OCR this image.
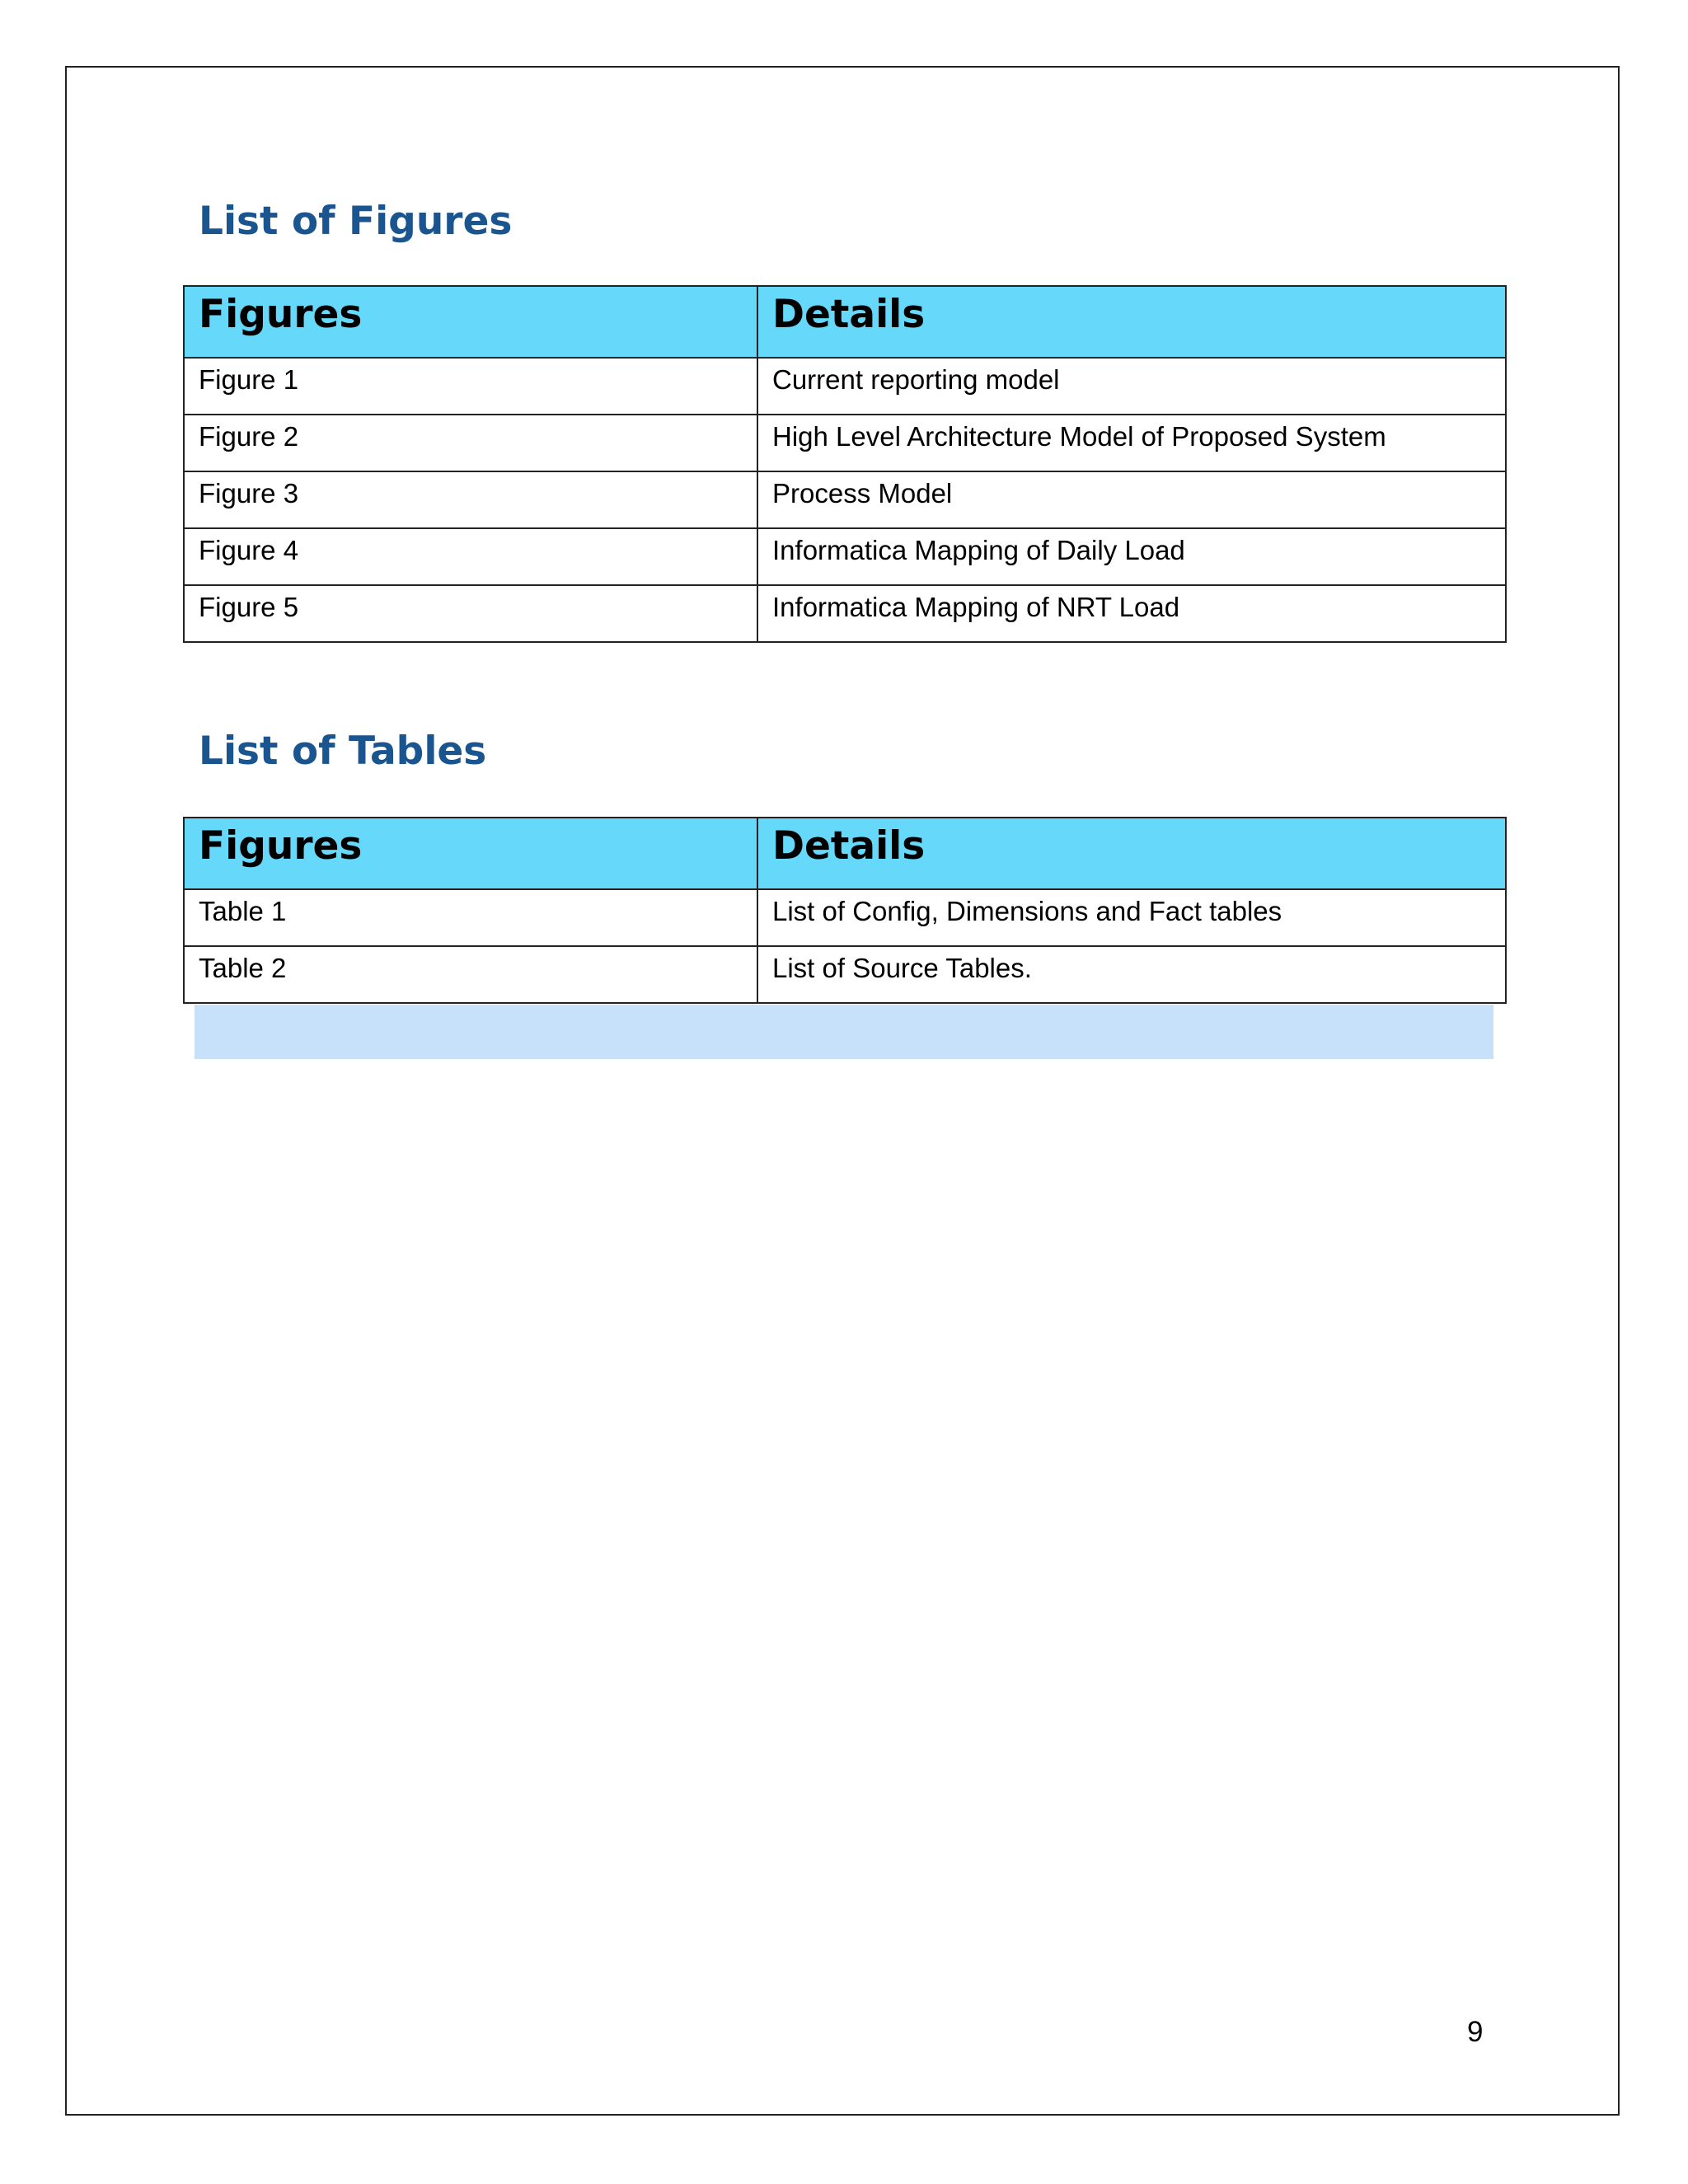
List of Figures
Figures	Details
Figure 1	Current reporting model
Figure 2	High Level Architecture Model of Proposed System
Figure 3	Process Model
Figure 4	Informatica Mapping of Daily Load
Figure 5	Informatica Mapping of NRT Load
List of Tables
Figures	Details
Table 1	List of Config, Dimensions and Fact tables
Table 2	List of Source Tables.
9
